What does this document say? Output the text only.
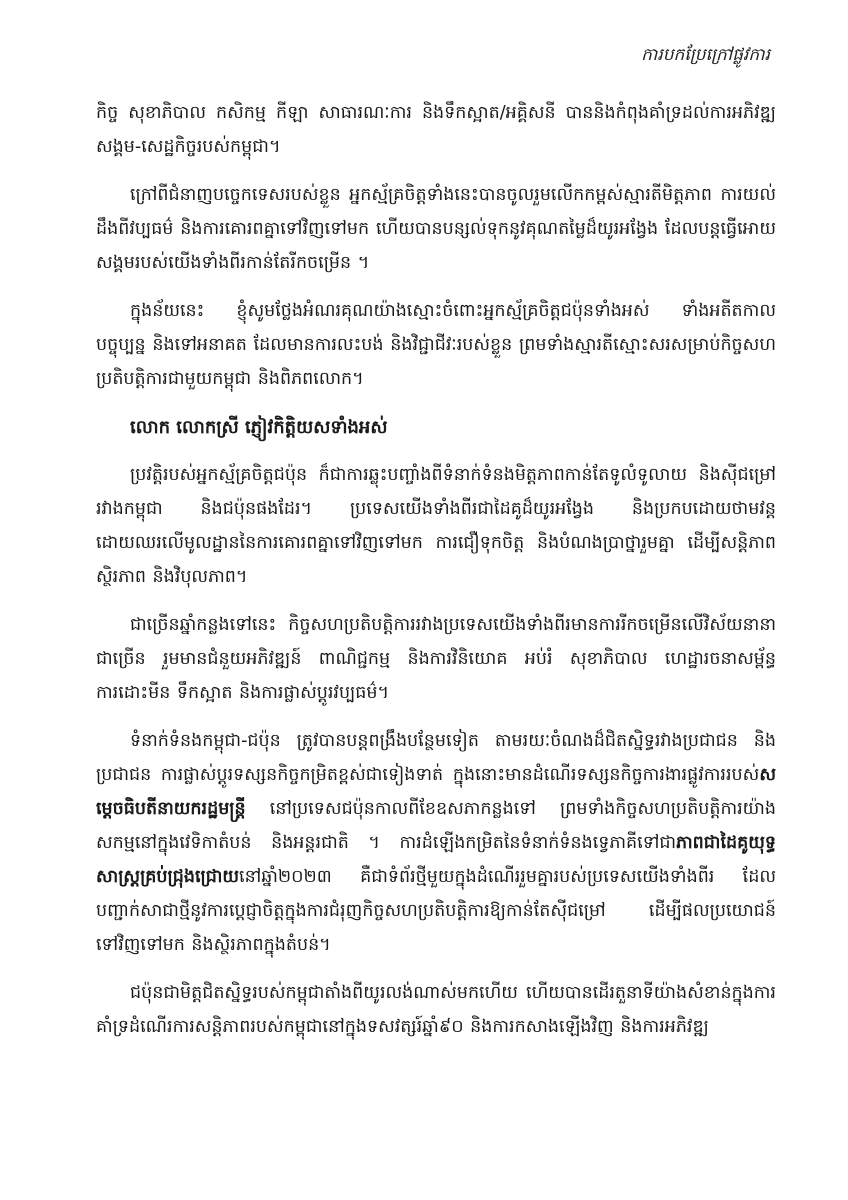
ការបកប្រែក្រៅផ្លូវការ

កិច្ច សុខាភិបាល កសិកម្ម កីឡា សាធារណៈការ និងទឹកស្អាត/អគ្គិសនី បាននិងកំពុងគាំទ្រដល់ការអភិវឌ្ឍសង្គម-សេដ្ឋកិច្ចរបស់កម្ពុជា។

ក្រៅពីជំនាញបច្ចេកទេសរបស់ខ្លួន អ្នកស្ម័គ្រចិត្តទាំងនេះបានចូលរួមលើកកម្ពស់ស្មារតីមិត្តភាព ការយល់ដឹងពីវប្បធម៌ និងការគោរពគ្នាទៅវិញទៅមក ហើយបានបន្សល់ទុកនូវគុណតម្លៃដ៏យូរអង្វែង ដែលបន្តធ្វើអោយសង្គមរបស់យើងទាំងពីរកាន់តែរីកចម្រើន ។

ក្នុងន័យនេះ ខ្ញុំសូមថ្លែងអំណរគុណយ៉ាងស្មោះចំពោះអ្នកស្ម័គ្រចិត្តជប៉ុនទាំងអស់ ទាំងអតីតកាល បច្ចុប្បន្ន និងទៅអនាគត ដែលមានការលះបង់ និងវិជ្ជាជីវៈរបស់ខ្លួន ព្រមទាំងស្មារតីស្មោះសរសម្រាប់កិច្ចសហប្រតិបត្តិការជាមួយកម្ពុជា និងពិភពលោក។

លោក លោកស្រី ភ្ញៀវកិត្តិយសទាំងអស់

ប្រវត្តិរបស់អ្នកស្ម័គ្រចិត្តជប៉ុន ក៏ជាការឆ្លុះបញ្ចាំងពីទំនាក់ទំនងមិត្តភាពកាន់តែទូលំទូលាយ និងស៊ីជម្រៅរវាងកម្ពុជា និងជប៉ុនផងដែរ។ ប្រទេសយើងទាំងពីរជាដៃគូដ៏យូរអង្វែង និងប្រកបដោយថាមវន្ត ដោយឈរលើមូលដ្ឋាននៃការគោរពគ្នាទៅវិញទៅមក ការជឿទុកចិត្ត និងបំណងប្រាថ្នារួមគ្នា ដើម្បីសន្តិភាព ស្ថិរភាព និងវិបុលភាព។

ជាច្រើនឆ្នាំកន្លងទៅនេះ កិច្ចសហប្រតិបត្តិការរវាងប្រទេសយើងទាំងពីរមានការរីកចម្រើនលើវិស័យនានាជាច្រើន រួមមានជំនួយអភិវឌ្ឍន៍ ពាណិជ្ជកម្ម និងការវិនិយោគ អប់រំ សុខាភិបាល ហេដ្ឋារចនាសម្ព័ន្ធ ការដោះមីន ទឹកស្អាត និងការផ្លាស់ប្តូរវប្បធម៌។

ទំនាក់ទំនងកម្ពុជា-ជប៉ុន ត្រូវបានបន្តពង្រឹងបន្ថែមទៀត តាមរយៈចំណងដ៏ជិតស្និទ្ធរវាងប្រជាជន និងប្រជាជន ការផ្លាស់ប្តូរទស្សនកិច្ចកម្រិតខ្ពស់ជាទៀងទាត់ ក្នុងនោះមានដំណើរទស្សនកិច្ចការងារផ្លូវការរបស់សម្តេចធិបតីនាយករដ្ឋមន្ត្រី នៅប្រទេសជប៉ុនកាលពីខែឧសភាកន្លងទៅ ព្រមទាំងកិច្ចសហប្រតិបត្តិការយ៉ាងសកម្មនៅក្នុងវេទិកាតំបន់ និងអន្តរជាតិ ។ ការដំឡើងកម្រិតនៃទំនាក់ទំនងទ្វេភាគីទៅជាភាពជាដៃគូយុទ្ធសាស្ត្រគ្រប់ជ្រុងជ្រោយនៅឆ្នាំ២០២៣ គឺជាទំព័រថ្មីមួយក្នុងដំណើររួមគ្នារបស់ប្រទេសយើងទាំងពីរ ដែលបញ្ជាក់សាជាថ្មីនូវការប្តេជ្ញាចិត្តក្នុងការជំរុញកិច្ចសហប្រតិបត្តិការឱ្យកាន់តែស៊ីជម្រៅ ដើម្បីផលប្រយោជន៍ទៅវិញទៅមក និងស្ថិរភាពក្នុងតំបន់។

ជប៉ុនជាមិត្តជិតស្និទ្ធរបស់កម្ពុជាតាំងពីយូរលង់ណាស់មកហើយ ហើយបានដើរតួនាទីយ៉ាងសំខាន់ក្នុងការគាំទ្រដំណើរការសន្តិភាពរបស់កម្ពុជានៅក្នុងទសវត្សរ៍ឆ្នាំ៩០ និងការកសាងឡើងវិញ និងការអភិវឌ្ឍ
